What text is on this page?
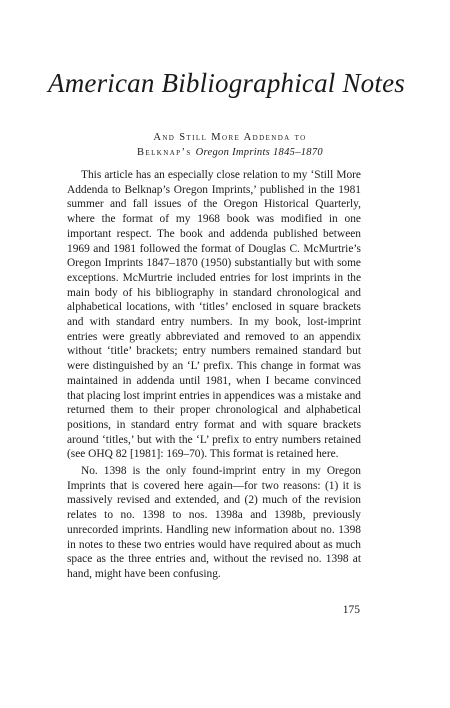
American Bibliographical Notes
And Still More Addenda to
Belknap’s Oregon Imprints 1845–1870

This article has an especially close relation to my ‘Still More Addenda to Belknap’s Oregon Imprints,’ published in the 1981 summer and fall issues of the Oregon Historical Quarterly, where the format of my 1968 book was modified in one important respect. The book and addenda published between 1969 and 1981 followed the format of Douglas C. McMurtrie’s Oregon Imprints 1847–1870 (1950) substantially but with some exceptions. McMurtrie included entries for lost imprints in the main body of his bibliography in standard chronological and alphabetical locations, with ‘titles’ enclosed in square brackets and with standard entry numbers. In my book, lost-imprint entries were greatly abbreviated and removed to an appendix without ‘title’ brackets; entry numbers remained standard but were distinguished by an ‘L’ prefix. This change in format was maintained in addenda until 1981, when I became convinced that placing lost imprint entries in appendices was a mistake and returned them to their proper chronological and alphabetical positions, in standard entry format and with square brackets around ‘titles,’ but with the ‘L’ prefix to entry numbers retained (see OHQ 82 [1981]: 169–70). This format is retained here.

No. 1398 is the only found-imprint entry in my Oregon Imprints that is covered here again—for two reasons: (1) it is massively revised and extended, and (2) much of the revision relates to no. 1398 to nos. 1398a and 1398b, previously unrecorded imprints. Handling new information about no. 1398 in notes to these two entries would have required about as much space as the three entries and, without the revised no. 1398 at hand, might have been confusing.

175
